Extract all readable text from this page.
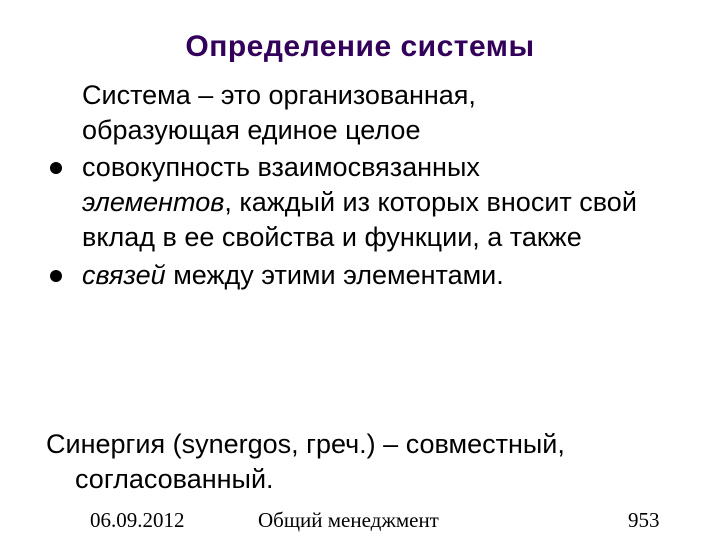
Определение системы

Система – это организованная,
образующая единое целое

совокупность взаимосвязанных
элементов, каждый из которых вносит свой вклад в ее свойства и функции, а также
связей между этими элементами.
Синергия (synergos, греч.) – совместный,
согласованный.
06.09.2012	Общий менеджмент	953
